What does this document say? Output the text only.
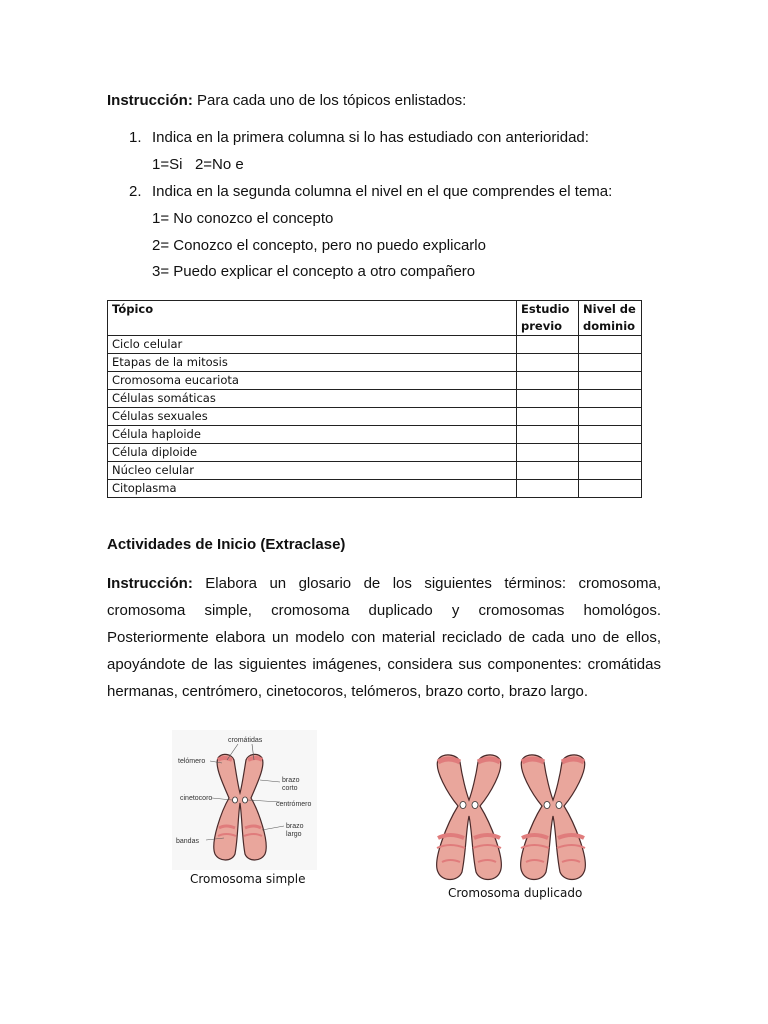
Instrucción: Para cada uno de los tópicos enlistados:
1. Indica en la primera columna si lo has estudiado con anterioridad:
1=Si   2=No e
2. Indica en la segunda columna el nivel en el que comprendes el tema:
1= No conozco el concepto
2= Conozco el concepto, pero no puedo explicarlo
3= Puedo explicar el concepto a otro compañero
Tópico	Estudio previo	Nivel de dominio
Ciclo celular		
Etapas de la mitosis		
Cromosoma eucariota		
Células somáticas		
Células sexuales		
Célula haploide		
Célula diploide		
Núcleo celular		
Citoplasma		
Actividades de Inicio (Extraclase)
Instrucción: Elabora un glosario de los siguientes términos: cromosoma, cromosoma simple, cromosoma duplicado y cromosomas homológos. Posteriormente elabora un modelo con material reciclado de cada uno de ellos, apoyándote de las siguientes imágenes, considera sus componentes: cromátidas hermanas, centrómero, cinetocoros, telómeros, brazo corto, brazo largo.
cromátidas
telómero
brazo
corto
cinetocoro
centrómero
brazo
largo
bandas
Cromosoma simple
Cromosoma duplicado
